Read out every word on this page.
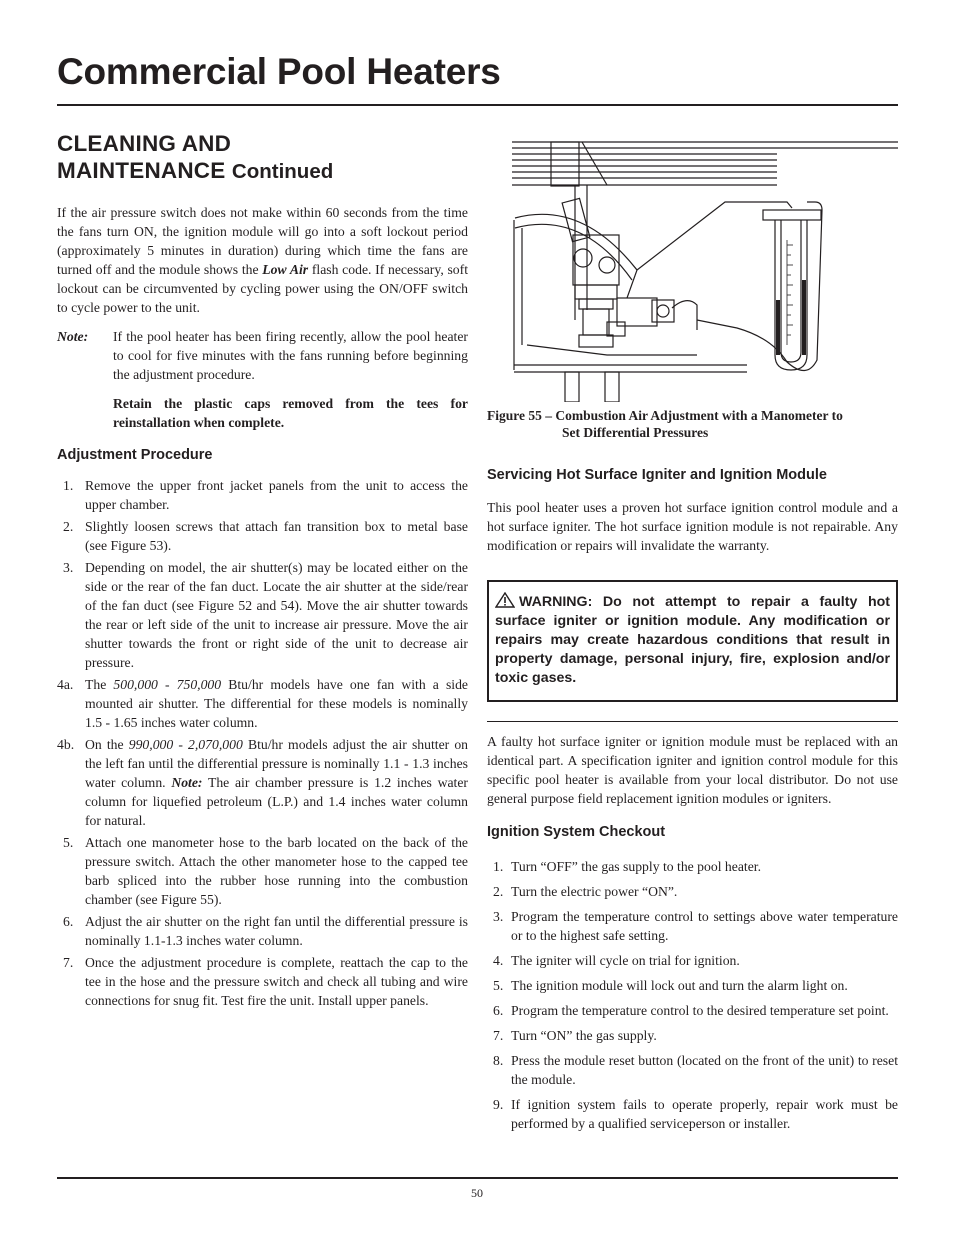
Commercial Pool Heaters
CLEANING AND
MAINTENANCE Continued

If the air pressure switch does not make within 60 seconds from the time the fans turn ON, the ignition module will go into a soft lockout period (approximately 5 minutes in duration) during which time the fans are turned off and the module shows the Low Air flash code. If necessary, soft lockout can be circumvented by cycling power using the ON/OFF switch to cycle power to the unit.

Note:	If the pool heater has been firing recently, allow the pool heater to cool for five minutes with the fans running before beginning the adjustment procedure.

Retain the plastic caps removed from the tees for reinstallation when complete.

Adjustment Procedure
1. Remove the upper front jacket panels from the unit to access the upper chamber.
2. Slightly loosen screws that attach fan transition box to metal base (see Figure 53).
3. Depending on model, the air shutter(s) may be located either on the side or the rear of the fan duct. Locate the air shutter at the side/rear of the fan duct (see Figure 52 and 54). Move the air shutter towards the rear or left side of the unit to increase air pressure. Move the air shutter towards the front or right side of the unit to decrease air pressure.
4a. The 500,000 - 750,000 Btu/hr models have one fan with a side mounted air shutter. The differential for these models is nominally 1.5 - 1.65 inches water column.
4b. On the 990,000 - 2,070,000 Btu/hr models adjust the air shutter on the left fan until the differential pressure is nominally 1.1 - 1.3 inches water column. Note: The air chamber pressure is 1.2 inches water column for liquefied petroleum (L.P.) and 1.4 inches water column for natural.
5. Attach one manometer hose to the barb located on the back of the pressure switch. Attach the other manometer hose to the capped tee barb spliced into the rubber hose running into the combustion chamber (see Figure 55).
6. Adjust the air shutter on the right fan until the differential pressure is nominally 1.1-1.3 inches water column.
7. Once the adjustment procedure is complete, reattach the cap to the tee in the hose and the pressure switch and check all tubing and wire connections for snug fit. Test fire the unit. Install upper panels.

Figure 55 – Combustion Air Adjustment with a Manometer to
Set Differential Pressures

Servicing Hot Surface Igniter and Ignition Module

This pool heater uses a proven hot surface ignition control module and a hot surface igniter. The hot surface ignition module is not repairable. Any modification or repairs will invalidate the warranty.

WARNING: Do not attempt to repair a faulty hot surface igniter or ignition module. Any modification or repairs may create hazardous conditions that result in property damage, personal injury, fire, explosion and/or toxic gases.

A faulty hot surface igniter or ignition module must be replaced with an identical part. A specification igniter and ignition control module for this specific pool heater is available from your local distributor. Do not use general purpose field replacement ignition modules or igniters.

Ignition System Checkout
1. Turn “OFF” the gas supply to the pool heater.
2. Turn the electric power “ON”.
3. Program the temperature control to settings above water temperature or to the highest safe setting.
4. The igniter will cycle on trial for ignition.
5. The ignition module will lock out and turn the alarm light on.
6. Program the temperature control to the desired temperature set point.
7. Turn “ON” the gas supply.
8. Press the module reset button (located on the front of the unit) to reset the module.
9. If ignition system fails to operate properly, repair work must be performed by a qualified serviceperson or installer.
50
